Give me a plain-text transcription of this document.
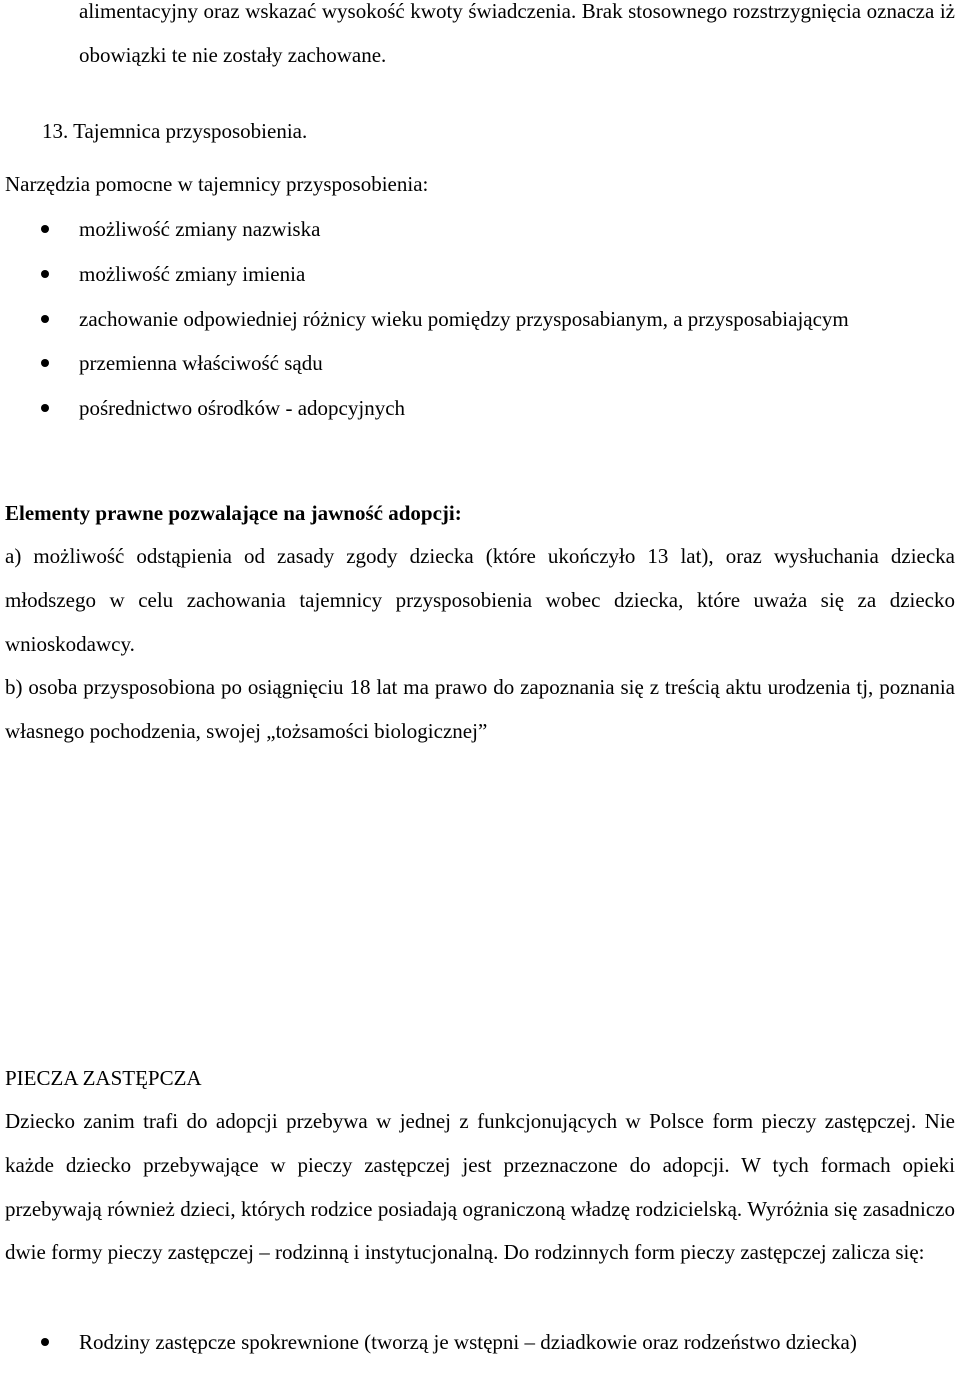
alimentacyjny oraz wskazać wysokość kwoty świadczenia. Brak stosownego rozstrzygnięcia oznacza iż obowiązki te nie zostały zachowane.
13. Tajemnica przysposobienia.
Narzędzia pomocne w tajemnicy przysposobienia:
możliwość zmiany nazwiska
możliwość zmiany imienia
zachowanie odpowiedniej różnicy wieku pomiędzy przysposabianym, a przysposabiającym
przemienna właściwość sądu
pośrednictwo ośrodków - adopcyjnych
Elementy prawne pozwalające na jawność adopcji:
a) możliwość odstąpienia od zasady zgody dziecka (które ukończyło 13 lat), oraz wysłuchania dziecka młodszego w celu zachowania tajemnicy przysposobienia wobec dziecka, które uważa się za dziecko wnioskodawcy.
b) osoba przysposobiona po osiągnięciu 18 lat ma prawo do zapoznania się z treścią aktu urodzenia tj, poznania własnego pochodzenia, swojej „tożsamości biologicznej”
PIECZA ZASTĘPCZA
Dziecko zanim trafi do adopcji przebywa w jednej z funkcjonujących w Polsce form pieczy zastępczej. Nie każde dziecko przebywające w pieczy zastępczej jest przeznaczone do adopcji. W tych formach opieki przebywają również dzieci, których rodzice posiadają ograniczoną władzę rodzicielską. Wyróżnia się zasadniczo dwie formy pieczy zastępczej – rodzinną i instytucjonalną. Do rodzinnych form pieczy zastępczej zalicza się:
Rodziny zastępcze spokrewnione (tworzą je wstępni – dziadkowie oraz rodzeństwo dziecka)
